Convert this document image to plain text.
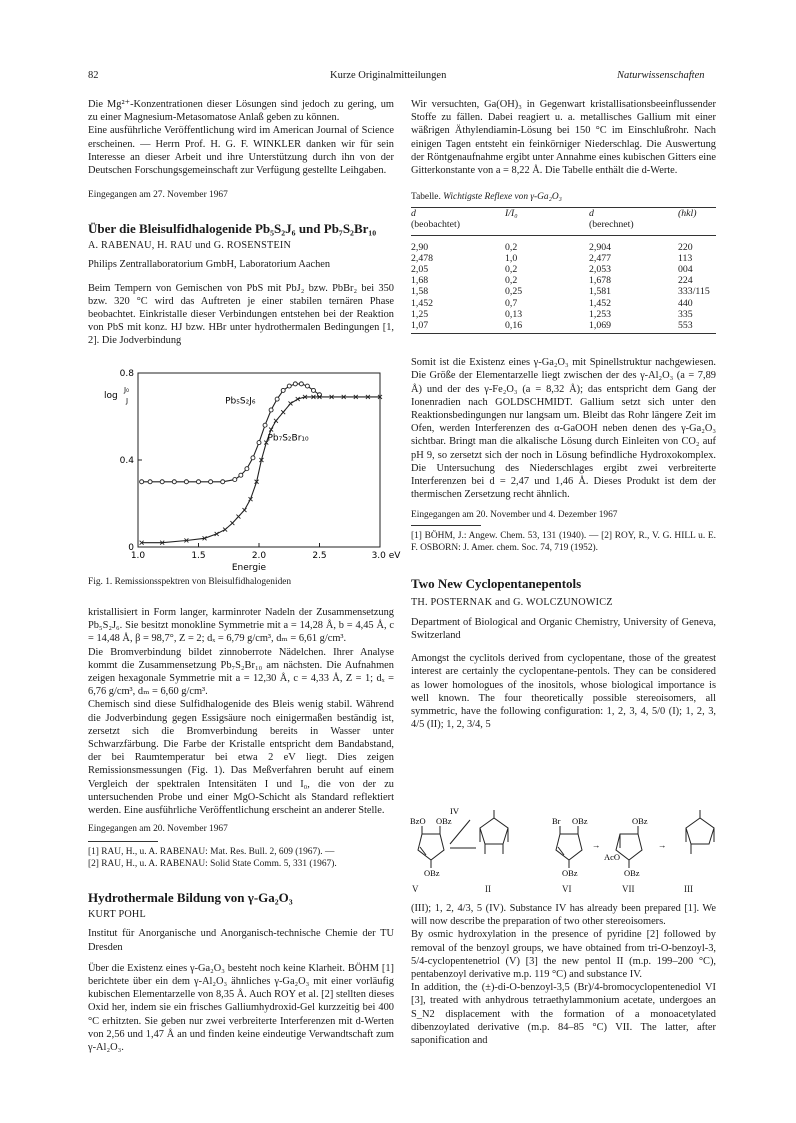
82	Kurze Originalmitteilungen	Naturwissenschaften

Die Mg²⁺-Konzentrationen dieser Lösungen sind jedoch zu gering, um zu einer Magnesium-Metasomatose Anlaß geben zu können.

Eine ausführliche Veröffentlichung wird im American Journal of Science erscheinen. — Herrn Prof. H. G. F. WINKLER danken wir für sein Interesse an dieser Arbeit und ihre Unterstützung durch ihn von der Deutschen Forschungsgemeinschaft zur Verfügung gestellte Leihgaben.

Eingegangen am 27. November 1967

Über die Bleisulfidhalogenide Pb₅S₂J₆ und Pb₇S₂Br₁₀

A. RABENAU, H. RAU und G. ROSENSTEIN

Philips Zentrallaboratorium GmbH, Laboratorium Aachen

Beim Tempern von Gemischen von PbS mit PbJ₂ bzw. PbBr₂ bei 350 bzw. 320 °C wird das Auftreten je einer stabilen ternären Phase beobachtet. Einkristalle dieser Verbindungen entstehen bei der Reaktion von PbS mit konz. HJ bzw. HBr unter hydrothermalen Bedingungen [1, 2]. Die Jodverbindung

0
0.4
0.8
1.0	1.5	2.0	2.5	3.0 eV
Energie
log
J₀
J	Pb₅S₂J₆
Pb₇S₂Br₁₀
Fig. 1. Remissionsspektren von Bleisulfidhalogeniden

kristallisiert in Form langer, karminroter Nadeln der Zusammensetzung Pb₅S₂J₆. Sie besitzt monokline Symmetrie mit a = 14,28 Å, b = 4,45 Å, c = 14,48 Å, β = 98,7°, Z = 2; dₓ = 6,79 g/cm³, dₘ = 6,61 g/cm³.

Die Bromverbindung bildet zinnoberrote Nädelchen. Ihrer Analyse kommt die Zusammensetzung Pb₇S₂Br₁₀ am nächsten. Die Aufnahmen zeigen hexagonale Symmetrie mit a = 12,30 Å, c = 4,33 Å, Z = 1; dₓ = 6,76 g/cm³, dₘ = 6,60 g/cm³.

Chemisch sind diese Sulfidhalogenide des Bleis wenig stabil. Während die Jodverbindung gegen Essigsäure noch einigermaßen beständig ist, zersetzt sich die Bromverbindung bereits in Wasser unter Schwarzfärbung. Die Farbe der Kristalle entspricht dem Bandabstand, der bei Raumtemperatur bei etwa 2 eV liegt. Dies zeigen Remissionsmessungen (Fig. 1). Das Meßverfahren beruht auf einem Vergleich der spektralen Intensitäten I und I₀, die von der zu untersuchenden Probe und einer MgO-Schicht als Standard reflektiert werden. Eine ausführliche Veröffentlichung erscheint an anderer Stelle.

Eingegangen am 20. November 1967

[1] RAU, H., u. A. RABENAU: Mat. Res. Bull. 2, 609 (1967). —

[2] RAU, H., u. A. RABENAU: Solid State Comm. 5, 331 (1967).

Hydrothermale Bildung von γ-Ga₂O₃

KURT POHL

Institut für Anorganische und Anorganisch-technische Chemie der TU Dresden

Über die Existenz eines γ-Ga₂O₃ besteht noch keine Klarheit. BÖHM [1] berichtete über ein dem γ-Al₂O₃ ähnliches γ-Ga₂O₃ mit einer vorläufig kubischen Elementarzelle von 8,35 Å. Auch ROY et al. [2] stellten dieses Oxid her, indem sie ein frisches Galliumhydroxid-Gel kurzzeitig bei 400 °C erhitzten. Sie geben nur zwei verbreiterte Interferenzen mit d-Werten von 2,56 und 1,47 Å an und finden keine eindeutige Verwandtschaft zum γ-Al₂O₃.

Wir versuchten, Ga(OH)₃ in Gegenwart kristallisationsbeeinflussender Stoffe zu fällen. Dabei reagiert u. a. metallisches Gallium mit einer wäßrigen Äthylendiamin-Lösung bei 150 °C im Einschlußrohr. Nach einigen Tagen entsteht ein feinkörniger Niederschlag. Die Auswertung der Röntgenaufnahme ergibt unter Annahme eines kubischen Gitters eine Gitterkonstante von a = 8,22 Å. Die Tabelle enthält die d-Werte.

Tabelle. Wichtigste Reflexe von γ-Ga₂O₃

d	I/I₀	d	(hkl)
(beobachtet)		(berechnet)	
2,90	0,2	2,904	220
2,478	1,0	2,477	113
2,05	0,2	2,053	004
1,68	0,2	1,678	224
1,58	0,25	1,581	333/115
1,452	0,7	1,452	440
1,25	0,13	1,253	335
1,07	0,16	1,069	553

Somit ist die Existenz eines γ-Ga₂O₃ mit Spinellstruktur nachgewiesen. Die Größe der Elementarzelle liegt zwischen der des γ-Al₂O₃ (a = 7,89 Å) und der des γ-Fe₂O₃ (a = 8,32 Å); das entspricht dem Gang der Ionenradien nach GOLDSCHMIDT. Gallium setzt sich unter den Reaktionsbedingungen nur langsam um. Bleibt das Rohr längere Zeit im Ofen, werden Interferenzen des α-GaOOH neben denen des γ-Ga₂O₃ sichtbar. Bringt man die alkalische Lösung durch Einleiten von CO₂ auf pH 9, so zersetzt sich der noch in Lösung befindliche Hydroxokomplex. Die Untersuchung des Niederschlages ergibt zwei verbreiterte Interferenzen bei d = 2,47 und 1,46 Å. Dieses Produkt ist dem der thermischen Zersetzung recht ähnlich.

Eingegangen am 20. November und 4. Dezember 1967

[1] BÖHM, J.: Angew. Chem. 53, 131 (1940). — [2] ROY, R., V. G. HILL u. E. F. OSBORN: J. Amer. chem. Soc. 74, 719 (1952).

Two New Cyclopentanepentols

TH. POSTERNAK and G. WOLCZUNOWICZ

Department of Biological and Organic Chemistry, University of Geneva, Switzerland

Amongst the cyclitols derived from cyclopentane, those of the greatest interest are certainly the cyclopentane-pentols. They can be considered as lower homologues of the inositols, whose biological importance is well known. The four theoretically possible stereoisomers, all symmetric, have the following configuration: 1, 2, 3, 4, 5/0 (I); 1, 2, 3, 4/5 (II); 1, 2, 3/4, 5

IV
BzO OBz
OBz
Br OBz
OBz
→
OBz
AcO
OBz
→
V	II	VI	VII	III

(III); 1, 2, 4/3, 5 (IV). Substance IV has already been prepared [1]. We will now describe the preparation of two other stereoisomers.

By osmic hydroxylation in the presence of pyridine [2] followed by removal of the benzoyl groups, we have obtained from tri-O-benzoyl-3, 5/4-cyclopentenetriol (V) [3] the new pentol II (m.p. 199–200 °C), pentabenzoyl derivative m.p. 119 °C) and substance IV.

In addition, the (±)-di-O-benzoyl-3,5 (Br)/4-bromocyclopentenediol VI [3], treated with anhydrous tetraethylammonium acetate, undergoes an S_N2 displacement with the formation of a monoacetylated dibenzoylated derivative (m.p. 84–85 °C) VII. The latter, after saponification and
